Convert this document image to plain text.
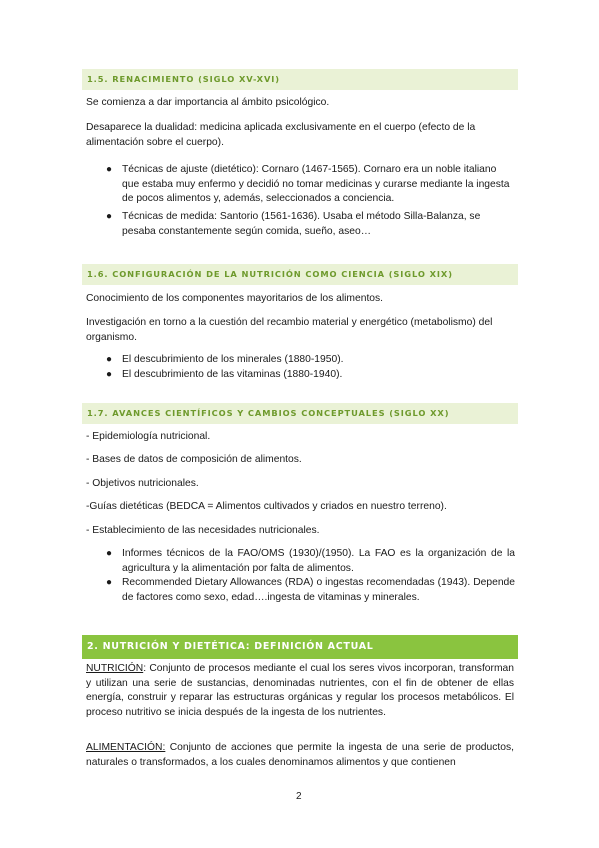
1.5. RENACIMIENTO (SIGLO XV-XVI)

Se comienza a dar importancia al ámbito psicológico.

Desaparece la dualidad: medicina aplicada exclusivamente en el cuerpo (efecto de la alimentación sobre el cuerpo).

● Técnicas de ajuste (dietético): Cornaro (1467-1565). Cornaro era un noble italiano que estaba muy enfermo y decidió no tomar medicinas y curarse mediante la ingesta de pocos alimentos y, además, seleccionados a conciencia.

● Técnicas de medida: Santorio (1561-1636). Usaba el método Silla-Balanza, se pesaba constantemente según comida, sueño, aseo…

1.6. CONFIGURACIÓN DE LA NUTRICIÓN COMO CIENCIA (SIGLO XIX)

Conocimiento de los componentes mayoritarios de los alimentos.

Investigación en torno a la cuestión del recambio material y energético (metabolismo) del organismo.

● El descubrimiento de los minerales (1880-1950).

● El descubrimiento de las vitaminas (1880-1940).

1.7. AVANCES CIENTÍFICOS Y CAMBIOS CONCEPTUALES (SIGLO XX)

- Epidemiología nutricional.

- Bases de datos de composición de alimentos.

- Objetivos nutricionales.

-Guías dietéticas (BEDCA = Alimentos cultivados y criados en nuestro terreno).

- Establecimiento de las necesidades nutricionales.

● Informes técnicos de la FAO/OMS (1930)/(1950). La FAO es la organización de la agricultura y la alimentación por falta de alimentos.

● Recommended Dietary Allowances (RDA) o ingestas recomendadas (1943). Depende de factores como sexo, edad….ingesta de vitaminas y minerales.

2. NUTRICIÓN Y DIETÉTICA: DEFINICIÓN ACTUAL

NUTRICIÓN: Conjunto de procesos mediante el cual los seres vivos incorporan, transforman y utilizan una serie de sustancias, denominadas nutrientes, con el fin de obtener de ellas energía, construir y reparar las estructuras orgánicas y regular los procesos metabólicos. El proceso nutritivo se inicia después de la ingesta de los nutrientes.

ALIMENTACIÓN: Conjunto de acciones que permite la ingesta de una serie de productos, naturales o transformados, a los cuales denominamos alimentos y que contienen

2
